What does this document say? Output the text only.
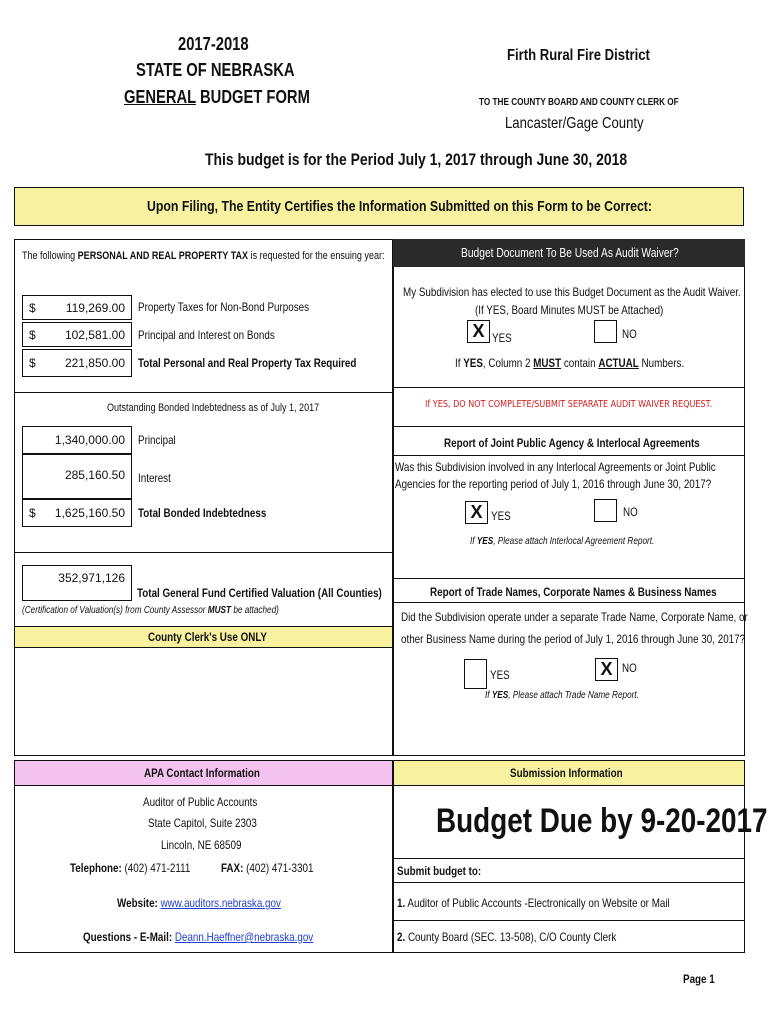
2017-2018
STATE OF NEBRASKA
GENERAL BUDGET FORM
Firth Rural Fire District
TO THE COUNTY BOARD AND COUNTY CLERK OF
Lancaster/Gage County
This budget is for the Period July 1, 2017 through June 30, 2018
Upon Filing, The Entity Certifies the Information Submitted on this Form to be Correct:
The following PERSONAL AND REAL PROPERTY TAX is requested for the ensuing year:
$	119,269.00 Property Taxes for Non-Bond Purposes
$ 102,581.00 Principal and Interest on Bonds
$ 221,850.00 Total Personal and Real Property Tax Required
Outstanding Bonded Indebtedness as of July 1, 2017
1,340,000.00 Principal
285,160.50 Interest
$ 1,625,160.50 Total Bonded Indebtedness
352,971,126
Total General Fund Certified Valuation (All Counties)
(Certification of Valuation(s) from County Assessor MUST be attached)
County Clerk's Use ONLY
Budget Document To Be Used As Audit Waiver?
My Subdivision has elected to use this Budget Document as the Audit Waiver.
(If YES, Board Minutes MUST be Attached)
X YES	NO
If YES, Column 2 MUST contain ACTUAL Numbers.
If YES, DO NOT COMPLETE/SUBMIT SEPARATE AUDIT WAIVER REQUEST.
Report of Joint Public Agency & Interlocal Agreements
Was this Subdivision involved in any Interlocal Agreements or Joint Public
Agencies for the reporting period of July 1, 2016 through June 30, 2017?
X YES	NO
If YES, Please attach Interlocal Agreement Report.
Report of Trade Names, Corporate Names & Business Names
Did the Subdivision operate under a separate Trade Name, Corporate Name, or
other Business Name during the period of July 1, 2016 through June 30, 2017?
YES	X NO
If YES, Please attach Trade Name Report.
APA Contact Information	Submission Information
Auditor of Public Accounts
State Capitol, Suite 2303
Lincoln, NE 68509
Telephone: (402) 471-2111	FAX: (402) 471-3301
Website: www.auditors.nebraska.gov
Questions - E-Mail: Deann.Haeffner@nebraska.gov
Budget Due by 9-20-2017
Submit budget to:
1. Auditor of Public Accounts -Electronically on Website or Mail
2. County Board (SEC. 13-508), C/O County Clerk
Page 1
